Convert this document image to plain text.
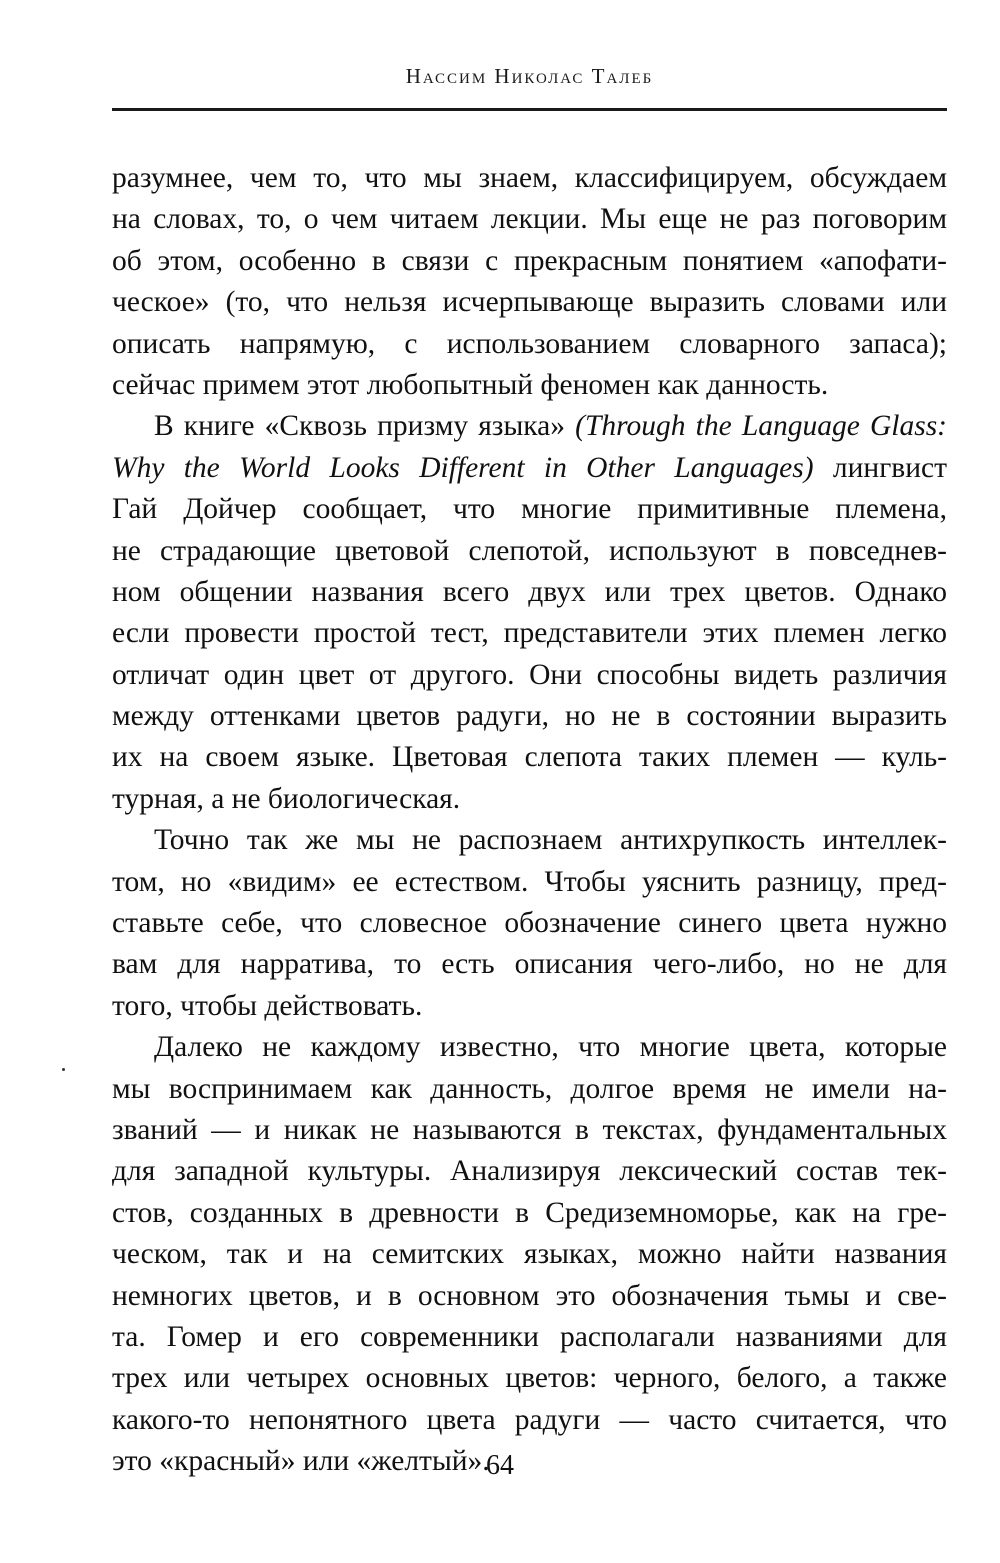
Нассим Николас Талеб
разумнее, чем то, что мы знаем, классифицируем, обсуждаем
на словах, то, о чем читаем лекции. Мы еще не раз поговорим
об этом, особенно в связи с прекрасным понятием «апофати-
ческое» (то, что нельзя исчерпывающе выразить словами или
описать напрямую, с использованием словарного запаса);
сейчас примем этот любопытный феномен как данность.
В книге «Сквозь призму языка» (Through the Language Glass:
Why the World Looks Different in Other Languages) лингвист
Гай Дойчер сообщает, что многие примитивные племена,
не страдающие цветовой слепотой, используют в повседнев-
ном общении названия всего двух или трех цветов. Однако
если провести простой тест, представители этих племен легко
отличат один цвет от другого. Они способны видеть различия
между оттенками цветов радуги, но не в состоянии выразить
их на своем языке. Цветовая слепота таких племен — куль-
турная, а не биологическая.
Точно так же мы не распознаем антихрупкость интеллек-
том, но «видим» ее естеством. Чтобы уяснить разницу, пред-
ставьте себе, что словесное обозначение синего цвета нужно
вам для нарратива, то есть описания чего-либо, но не для
того, чтобы действовать.
Далеко не каждому известно, что многие цвета, которые
мы воспринимаем как данность, долгое время не имели на-
званий — и никак не называются в текстах, фундаментальных
для западной культуры. Анализируя лексический состав тек-
стов, созданных в древности в Средиземноморье, как на гре-
ческом, так и на семитских языках, можно найти названия
немногих цветов, и в основном это обозначения тьмы и све-
та. Гомер и его современники располагали названиями для
трех или четырех основных цветов: черного, белого, а также
какого-то непонятного цвета радуги — часто считается, что
это «красный» или «желтый».
64
